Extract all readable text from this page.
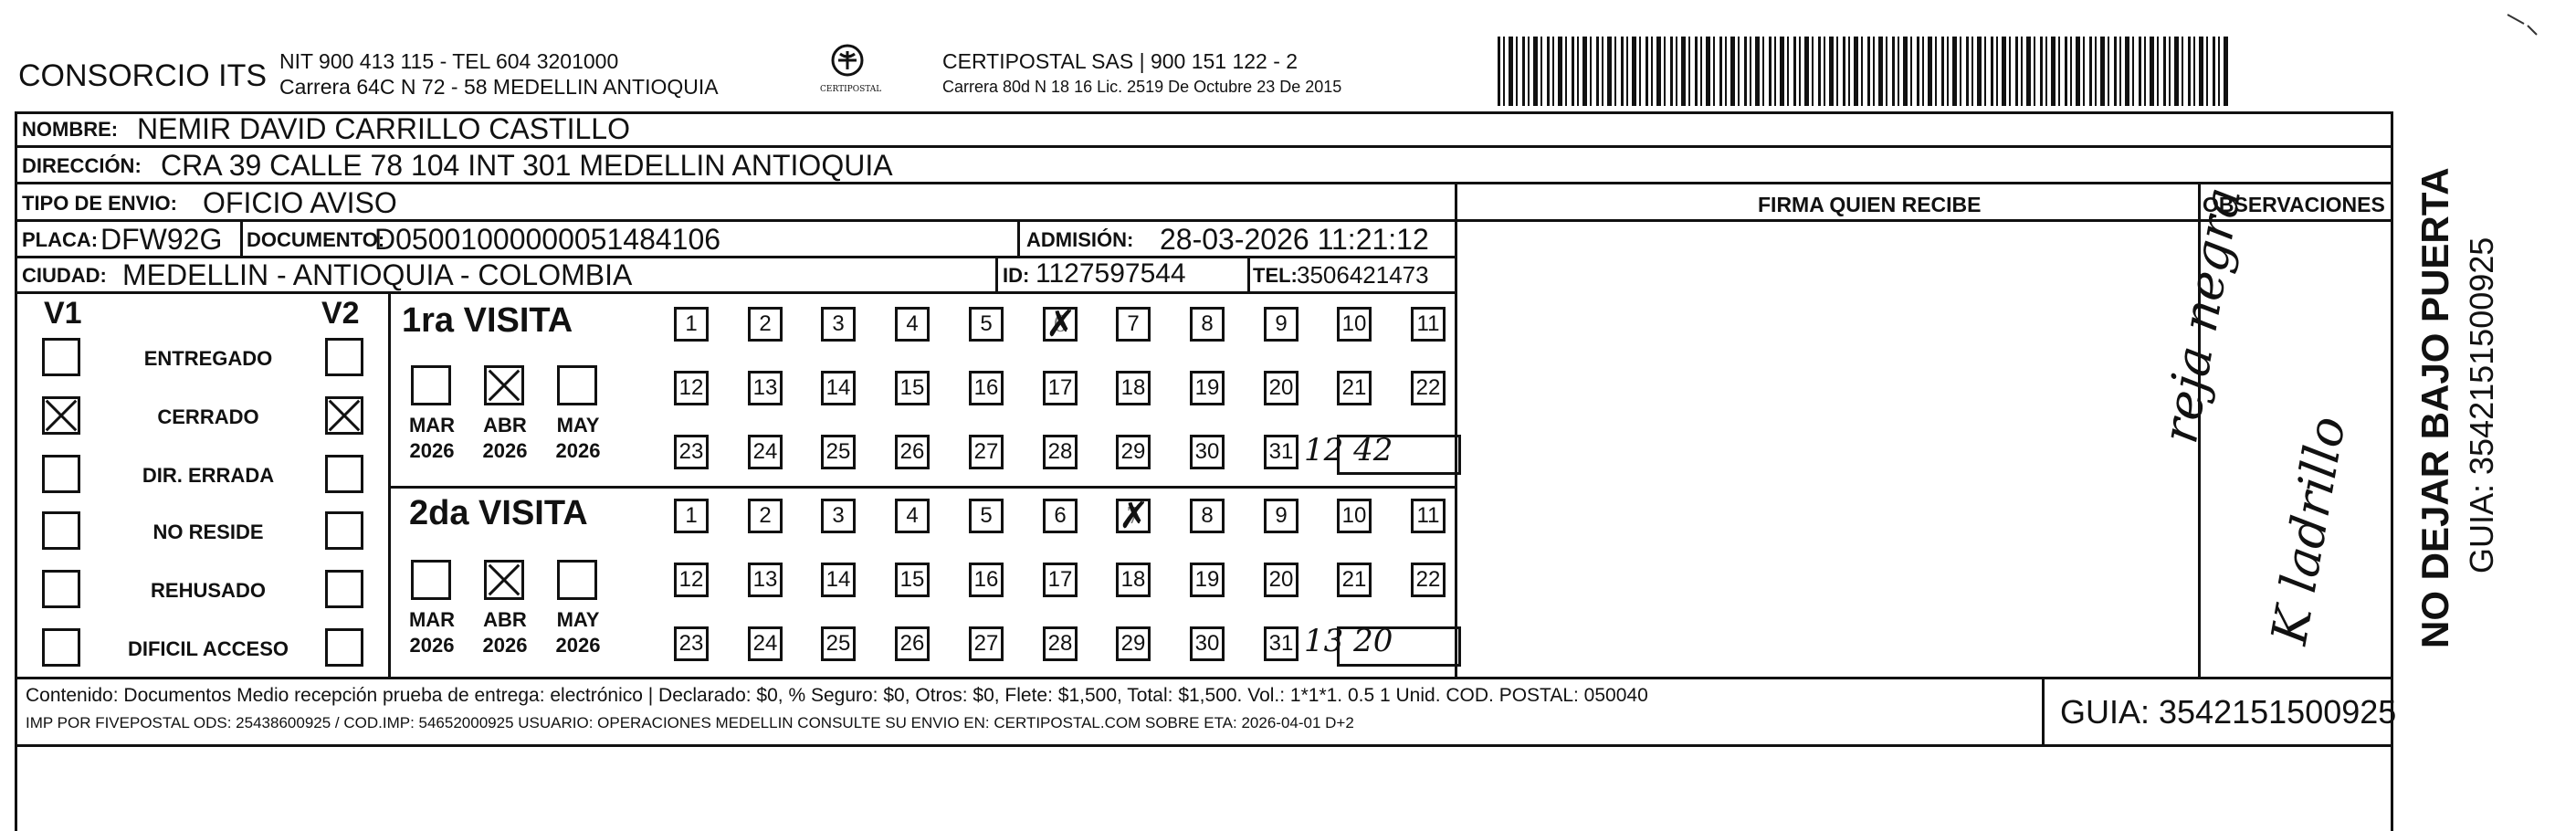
CONSORCIO ITS NIT 900 413 115 - TEL 604 3201000
Carrera 64C N 72 - 58 MEDELLIN ANTIOQUIA	CERTIPOSTAL
CERTIPOSTAL SAS | 900 151 122 - 2
Carrera 80d N 18 16 Lic. 2519 De Octubre 23 De 2015
NOMBRE: NEMIR DAVID CARRILLO CASTILLO
DIRECCIÓN: CRA 39 CALLE 78 104 INT 301 MEDELLIN ANTIOQUIA
TIPO DE ENVIO: OFICIO AVISO	FIRMA QUIEN RECIBE	OBSERVACIONES
PLACA: DFW92G DOCUMENTO:
D05001000000051484106	ADMISIÓN: 28-03-2026 11:21:12
CIUDAD: MEDELLIN - ANTIOQUIA - COLOMBIA	ID: 1127597544	TEL: 3506421473
V1	V2
ENTREGADO
CERRADO
DIR. ERRADA
NO RESIDE
REHUSADO
DIFICIL ACCESO
1ra VISITA
MAR
2026
ABR
2026
MAY
2026
1	2	3	4	5	6 ✗	7	8	9	10 11
12 13 14 15 16 17 18 19 20 21 22
23 24 25 26 27 28 29 30 31 12 42
2da VISITA
MAR
2026
ABR
2026
MAY
2026
1	2	3	4	5	6	7 ✗	8	9	10 11
12 13 14 15 16 17 18 19 20 21 22
23 24 25 26 27 28 29 30 31 13 20
reja negra
K ladrillo
Contenido: Documentos Medio recepción prueba de entrega: electrónico | Declarado: $0, % Seguro: $0, Otros: $0, Flete: $1,500, Total: $1,500. Vol.: 1*1*1. 0.5 1 Unid. COD. POSTAL: 050040
IMP POR FIVEPOSTAL ODS: 25438600925 / COD.IMP: 54652000925 USUARIO: OPERACIONES MEDELLIN CONSULTE SU ENVIO EN: CERTIPOSTAL.COM SOBRE ETA: 2026-04-01 D+2	GUIA: 3542151500925
NO DEJAR BAJO PUERTA GUIA: 3542151500925
